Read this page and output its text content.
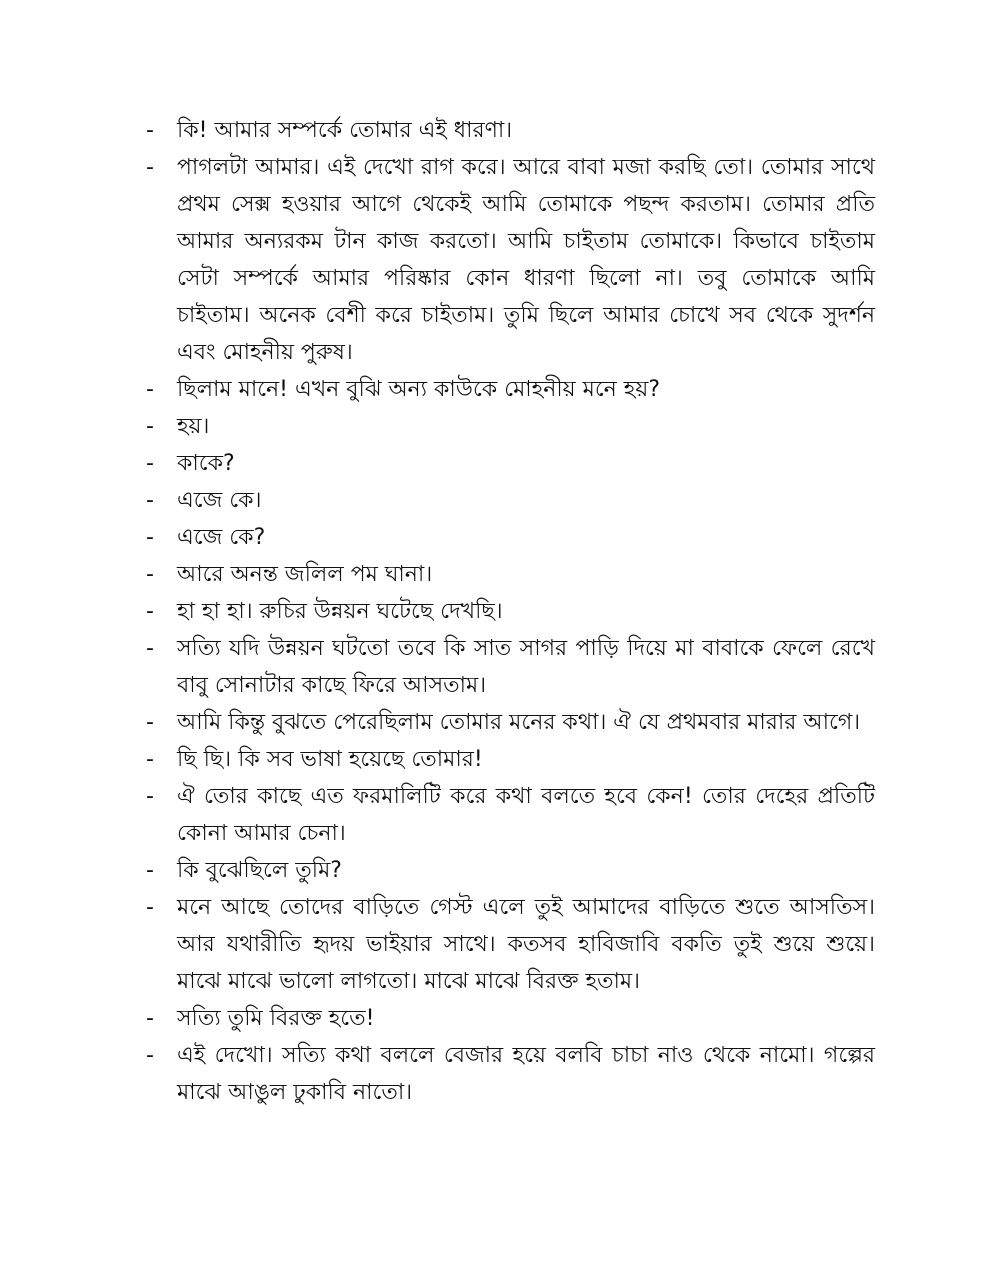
- কি! আমার সম্পর্কে তোমার এই ধারণা।
- পাগলটা আমার। এই দেখো রাগ করে। আরে বাবা মজা করছি তো। তোমার সাথে প্রথম সেক্স হওয়ার আগে থেকেই আমি তোমাকে পছন্দ করতাম। তোমার প্রতি আমার অন্যরকম টান কাজ করতো। আমি চাইতাম তোমাকে। কিভাবে চাইতাম সেটা সম্পর্কে আমার পরিষ্কার কোন ধারণা ছিলো না। তবু তোমাকে আমি চাইতাম। অনেক বেশী করে চাইতাম। তুমি ছিলে আমার চোখে সব থেকে সুদর্শন এবং মোহনীয় পুরুষ।
- ছিলাম মানে! এখন বুঝি অন্য কাউকে মোহনীয় মনে হয়?
- হয়।
- কাকে?
- এজে কে।
- এজে কে?
- আরে অনন্ত জলিল পম ঘানা।
- হা হা হা। রুচির উন্নয়ন ঘটেছে দেখছি।
- সত্যি যদি উন্নয়ন ঘটতো তবে কি সাত সাগর পাড়ি দিয়ে মা বাবাকে ফেলে রেখে বাবু সোনাটার কাছে ফিরে আসতাম।
- আমি কিন্তু বুঝতে পেরেছিলাম তোমার মনের কথা। ঐ যে প্রথমবার মারার আগে।
- ছি ছি। কি সব ভাষা হয়েছে তোমার!
- ঐ তোর কাছে এত ফরমালিটি করে কথা বলতে হবে কেন! তোর দেহের প্রতিটি কোনা আমার চেনা।
- কি বুঝেছিলে তুমি?
- মনে আছে তোদের বাড়িতে গেস্ট এলে তুই আমাদের বাড়িতে শুতে আসতিস। আর যথারীতি হৃদয় ভাইয়ার সাথে। কতসব হাবিজাবি বকতি তুই শুয়ে শুয়ে। মাঝে মাঝে ভালো লাগতো। মাঝে মাঝে বিরক্ত হতাম।
- সত্যি তুমি বিরক্ত হতে!
- এই দেখো। সত্যি কথা বললে বেজার হয়ে বলবি চাচা নাও থেকে নামো। গল্পের মাঝে আঙুল ঢুকাবি নাতো।
